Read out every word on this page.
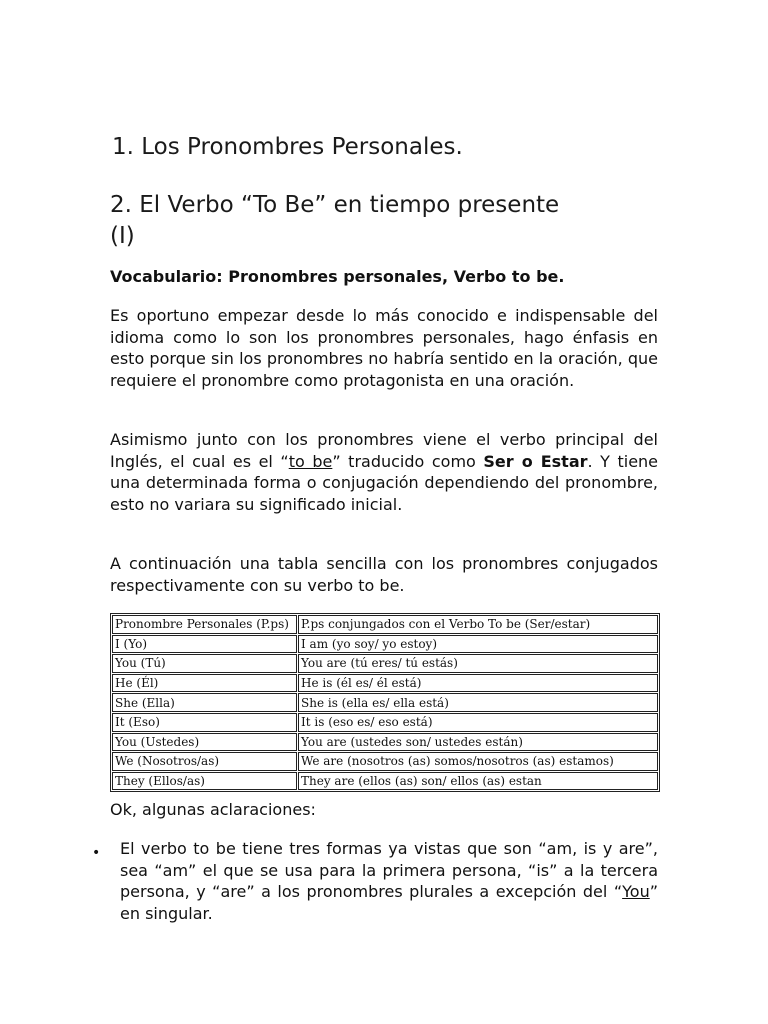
1. Los Pronombres Personales.
2. El Verbo “To Be” en tiempo presente (I)

Vocabulario: Pronombres personales, Verbo to be.

Es oportuno empezar desde lo más conocido e indispensable del idioma como lo son los pronombres personales, hago énfasis en esto porque sin los pronombres no habría sentido en la oración, que requiere el pronombre como protagonista en una oración.

Asimismo junto con los pronombres viene el verbo principal del Inglés, el cual es el “to be” traducido como Ser o Estar. Y tiene una determinada forma o conjugación dependiendo del pronombre, esto no variara su significado inicial.

A continuación una tabla sencilla con los pronombres conjugados respectivamente con su verbo to be.

Pronombre Personales (P.ps)	P.ps conjungados con el Verbo To be (Ser/estar)
I (Yo)	I am (yo soy/ yo estoy)
You (Tú)	You are (tú eres/ tú estás)
He (Él)	He is (él es/ él está)
She (Ella)	She is (ella es/ ella está)
It (Eso)	It is (eso es/ eso está)
You (Ustedes)	You are (ustedes son/ ustedes están)
We (Nosotros/as)	We are (nosotros (as) somos/nosotros (as) estamos)
They (Ellos/as)	They are (ellos (as) son/ ellos (as) estan

Ok, algunas aclaraciones:

• El verbo to be tiene tres formas ya vistas que son “am, is y are”, sea “am” el que se usa para la primera persona, “is” a la tercera persona, y “are” a los pronombres plurales a excepción del “You” en singular.
